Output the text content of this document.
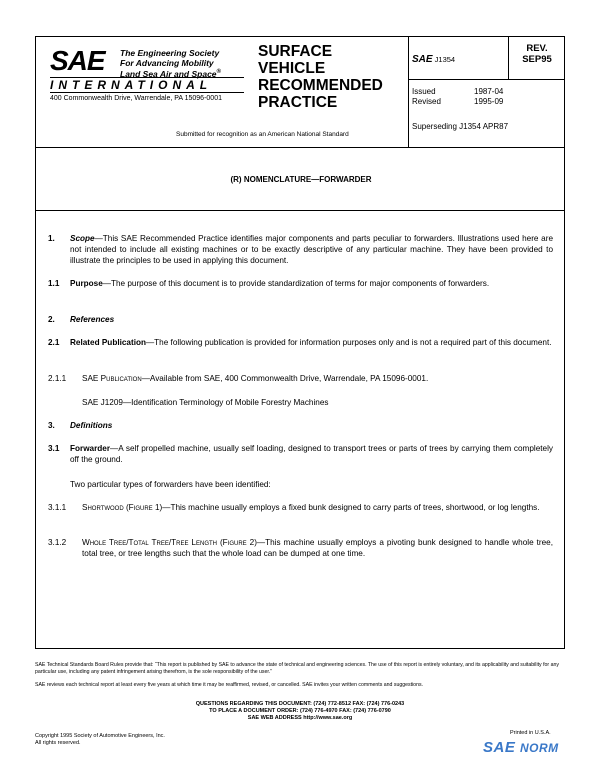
SAE The Engineering Society
For Advancing Mobility
Land Sea Air and Space®
INTERNATIONAL
400 Commonwealth Drive, Warrendale, PA 15096-0001
SURFACE
VEHICLE
RECOMMENDED
PRACTICE
Submitted for recognition as an American National Standard
SAE J1354
REV.
SEP95
Issued	1987-04
Revised	1995-09
Superseding J1354 APR87
(R) NOMENCLATURE—FORWARDER
1. Scope—This SAE Recommended Practice identifies major components and parts peculiar to forwarders. Illustrations used here are not intended to include all existing machines or to be exactly descriptive of any particular machine. They have been provided to illustrate the principles to be used in applying this document.
1.1 Purpose—The purpose of this document is to provide standardization of terms for major components of forwarders.
2. References
2.1 Related Publication—The following publication is provided for information purposes only and is not a required part of this document.
2.1.1 SAE Publication—Available from SAE, 400 Commonwealth Drive, Warrendale, PA 15096-0001.
SAE J1209—Identification Terminology of Mobile Forestry Machines
3. Definitions
3.1 Forwarder—A self propelled machine, usually self loading, designed to transport trees or parts of trees by carrying them completely off the ground.
Two particular types of forwarders have been identified:
3.1.1 Shortwood (Figure 1)—This machine usually employs a fixed bunk designed to carry parts of trees, shortwood, or log lengths.
3.1.2 Whole Tree/Total Tree/Tree Length (Figure 2)—This machine usually employs a pivoting bunk designed to handle whole tree, total tree, or tree lengths such that the whole load can be dumped at one time.

SAE Technical Standards Board Rules provide that: “This report is published by SAE to advance the state of technical and engineering sciences. The use of this report is entirely voluntary, and its applicability and suitability for any particular use, including any patent infringement arising therefrom, is the sole responsibility of the user.”

SAE reviews each technical report at least every five years at which time it may be reaffirmed, revised, or cancelled. SAE invites your written comments and suggestions.

QUESTIONS REGARDING THIS DOCUMENT: (724) 772-8512 FAX: (724) 776-0243
TO PLACE A DOCUMENT ORDER: (724) 776-4970 FAX: (724) 776-0790
SAE WEB ADDRESS http://www.sae.org
Copyright 1995 Society of Automotive Engineers, Inc.
All rights reserved.
Printed in U.S.A.
SAE NORM
